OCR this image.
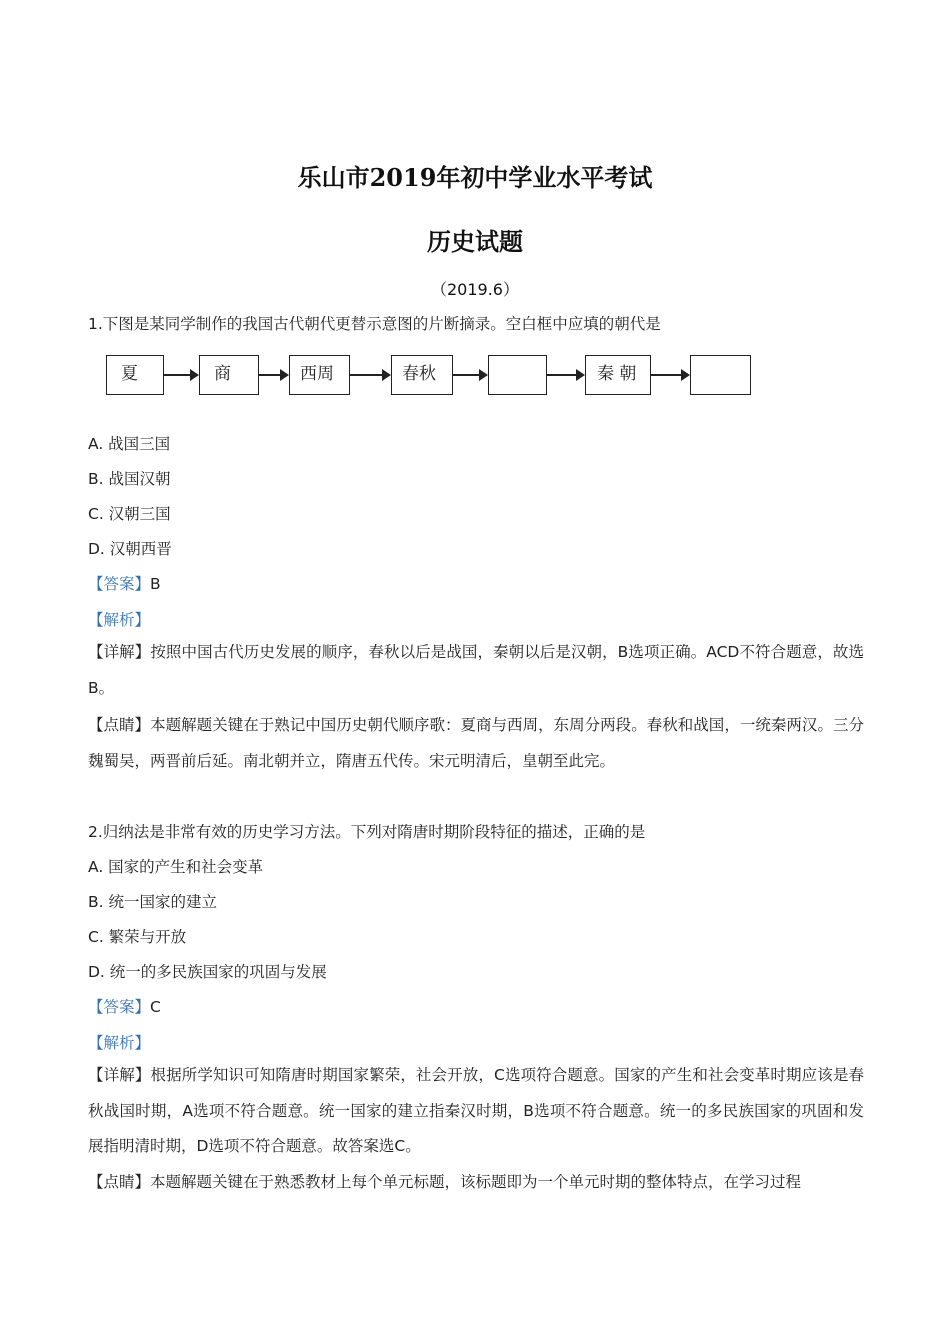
乐山市2019年初中学业水平考试
历史试题
（2019.6）
1.下图是某同学制作的我国古代朝代更替示意图的片断摘录。空白框中应填的朝代是
夏	商	西周	春秋	秦 朝
A. 战国三国
B. 战国汉朝
C. 汉朝三国
D. 汉朝西晋
【答案】B
【解析】
【详解】按照中国古代历史发展的顺序，春秋以后是战国，秦朝以后是汉朝，B选项正确。ACD不符合题意，故选B。
【点睛】本题解题关键在于熟记中国历史朝代顺序歌：夏商与西周，东周分两段。春秋和战国，一统秦两汉。三分魏蜀吴，两晋前后延。南北朝并立，隋唐五代传。宋元明清后，皇朝至此完。
2.归纳法是非常有效的历史学习方法。下列对隋唐时期阶段特征的描述，正确的是
A. 国家的产生和社会变革
B. 统一国家的建立
C. 繁荣与开放
D. 统一的多民族国家的巩固与发展
【答案】C
【解析】
【详解】根据所学知识可知隋唐时期国家繁荣，社会开放，C选项符合题意。国家的产生和社会变革时期应该是春秋战国时期，A选项不符合题意。统一国家的建立指秦汉时期，B选项不符合题意。统一的多民族国家的巩固和发展指明清时期，D选项不符合题意。故答案选C。
【点睛】本题解题关键在于熟悉教材上每个单元标题，该标题即为一个单元时期的整体特点，在学习过程
